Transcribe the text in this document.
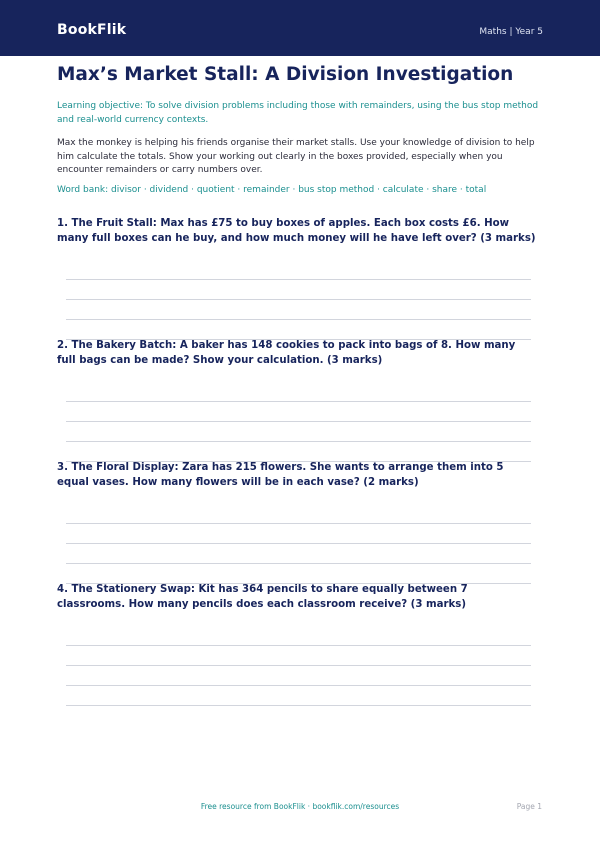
BookFlik	Maths | Year 5
Max’s Market Stall: A Division Investigation
Learning objective: To solve division problems including those with remainders, using the bus stop method and real-world currency contexts.
Max the monkey is helping his friends organise their market stalls. Use your knowledge of division to help him calculate the totals. Show your working out clearly in the boxes provided, especially when you encounter remainders or carry numbers over.
Word bank: divisor · dividend · quotient · remainder · bus stop method · calculate · share · total
1. The Fruit Stall: Max has £75 to buy boxes of apples. Each box costs £6. How many full boxes can he buy, and how much money will he have left over? (3 marks)
2. The Bakery Batch: A baker has 148 cookies to pack into bags of 8. How many full bags can be made? Show your calculation. (3 marks)
3. The Floral Display: Zara has 215 flowers. She wants to arrange them into 5 equal vases. How many flowers will be in each vase? (2 marks)
4. The Stationery Swap: Kit has 364 pencils to share equally between 7 classrooms. How many pencils does each classroom receive? (3 marks)
Free resource from BookFlik · bookflik.com/resources	Page 1
